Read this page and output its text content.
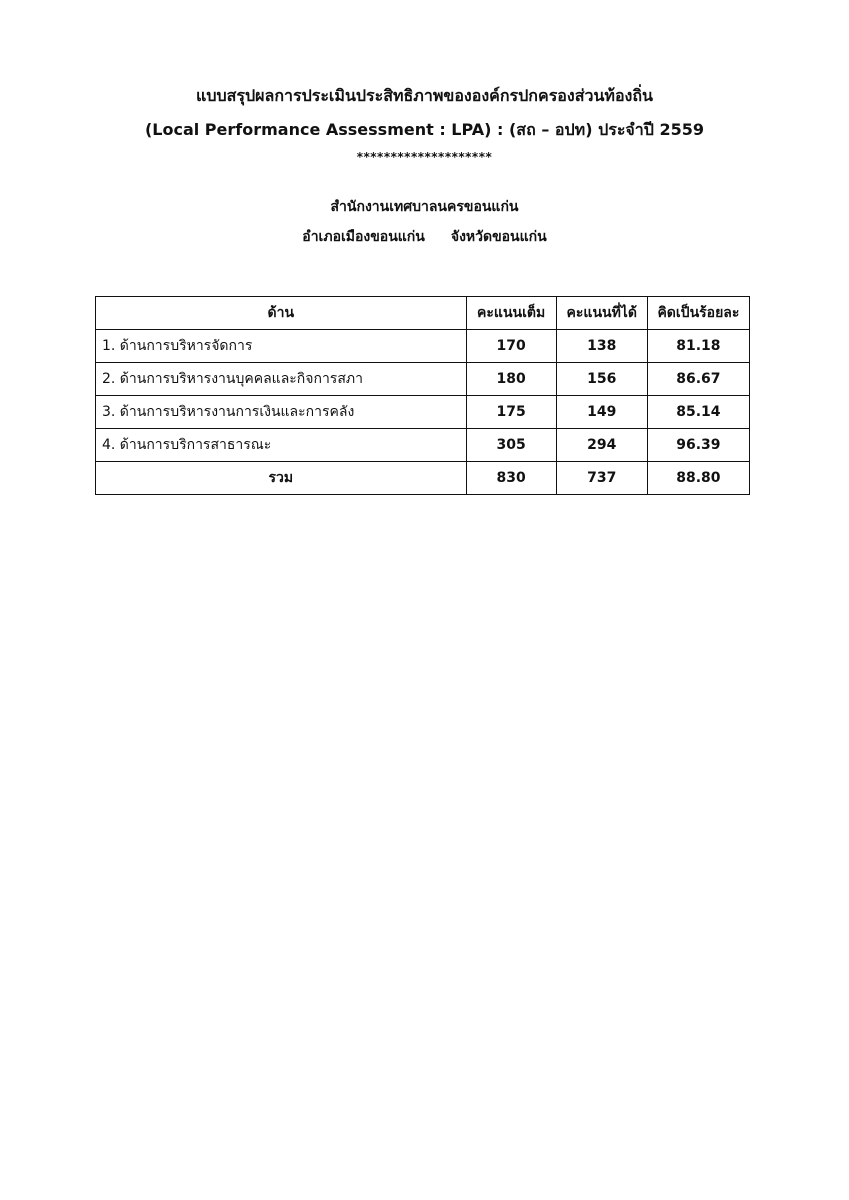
แบบสรุปผลการประเมินประสิทธิภาพขององค์กรปกครองส่วนท้องถิ่น
(Local Performance Assessment : LPA) : (สถ – อปท) ประจำปี 2559
********************
สำนักงานเทศบาลนครขอนแก่น
อำเภอเมืองขอนแก่น จังหวัดขอนแก่น
ด้าน	คะแนนเต็ม	คะแนนที่ได้	คิดเป็นร้อยละ
1. ด้านการบริหารจัดการ	170	138	81.18
2. ด้านการบริหารงานบุคคลและกิจการสภา	180	156	86.67
3. ด้านการบริหารงานการเงินและการคลัง	175	149	85.14
4. ด้านการบริการสาธารณะ	305	294	96.39
รวม	830	737	88.80
